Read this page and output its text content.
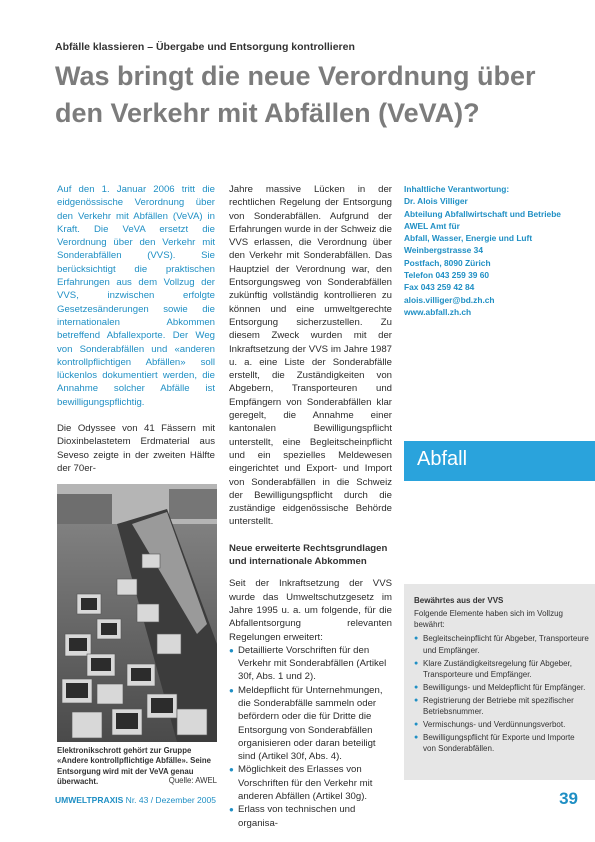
Abfälle klassieren – Übergabe und Entsorgung kontrollieren
Was bringt die neue Verordnung über den Verkehr mit Abfällen (VeVA)?
Auf den 1. Januar 2006 tritt die eidgenössische Verordnung über den Verkehr mit Abfällen (VeVA) in Kraft. Die VeVA ersetzt die Verordnung über den Verkehr mit Sonderabfällen (VVS). Sie berücksichtigt die praktischen Erfahrungen aus dem Vollzug der VVS, inzwischen erfolgte Gesetzesänderungen sowie die internationalen Abkommen betreffend Abfallexporte. Der Weg von Sonderabfällen und «anderen kontrollpflichtigen Abfällen» soll lückenlos dokumentiert werden, die Annahme solcher Abfälle ist bewilligungspflichtig.
Die Odyssee von 41 Fässern mit Dioxinbelastetem Erdmaterial aus Seveso zeigte in der zweiten Hälfte der 70er-

Jahre massive Lücken in der rechtlichen Regelung der Entsorgung von Sonderabfällen. Aufgrund der Erfahrungen wurde in der Schweiz die VVS erlassen, die Verordnung über den Verkehr mit Sonderabfällen. Das Hauptziel der Verordnung war, den Entsorgungsweg von Sonderabfällen zukünftig vollständig kontrollieren zu können und eine umweltgerechte Entsorgung sicherzustellen. Zu diesem Zweck wurden mit der Inkraftsetzung der VVS im Jahre 1987 u. a. eine Liste der Sonderabfälle erstellt, die Zuständigkeiten von Abgebern, Transporteuren und Empfängern von Sonderabfällen klar geregelt, die Annahme einer kantonalen Bewilligungspflicht unterstellt, eine Begleitscheinpflicht und ein spezielles Meldewesen eingerichtet und Export- und Import von Sonderabfällen in die Schweiz der Bewilligungspflicht durch die zuständige eidgenössische Behörde unterstellt.

Neue erweiterte Rechtsgrundlagen und internationale Abkommen

Seit der Inkraftsetzung der VVS wurde das Umweltschutzgesetz im Jahre 1995 u. a. um folgende, für die Abfallentsorgung relevanten Regelungen erweitert:

● Detaillierte Vorschriften für den Verkehr mit Sonderabfällen (Artikel 30f, Abs. 1 und 2).
● Meldepflicht für Unternehmungen, die Sonderabfälle sammeln oder befördern oder die für Dritte die Entsorgung von Sonderabfällen organisieren oder daran beteiligt sind (Artikel 30f, Abs. 4).
● Möglichkeit des Erlasses von Vorschriften für den Verkehr mit anderen Abfällen (Artikel 30g).
● Erlass von technischen und organisa-
Inhaltliche Verantwortung:
Dr. Alois Villiger
Abteilung Abfallwirtschaft und Betriebe
AWEL Amt für
Abfall, Wasser, Energie und Luft
Weinbergstrasse 34
Postfach, 8090 Zürich
Telefon 043 259 39 60
Fax 043 259 42 84
alois.villiger@bd.zh.ch
www.abfall.zh.ch
Abfall
Elektronikschrott gehört zur Gruppe «Andere kontrollpflichtige Abfälle». Seine Entsorgung wird mit der VeVA genau überwacht.	Quelle: AWEL
Bewährtes aus der VVS
Folgende Elemente haben sich im Vollzug bewährt:
● Begleitscheinpflicht für Abgeber, Transporteure und Empfänger.
● Klare Zuständigkeitsregelung für Abgeber, Transporteure und Empfänger.
● Bewilligungs- und Meldepflicht für Empfänger.
● Registrierung der Betriebe mit spezifischer Betriebsnummer.
● Vermischungs- und Verdünnungsverbot.
● Bewilligungspflicht für Exporte und Importe von Sonderabfällen.
UMWELTPRAXIS Nr. 43 / Dezember 2005	39
